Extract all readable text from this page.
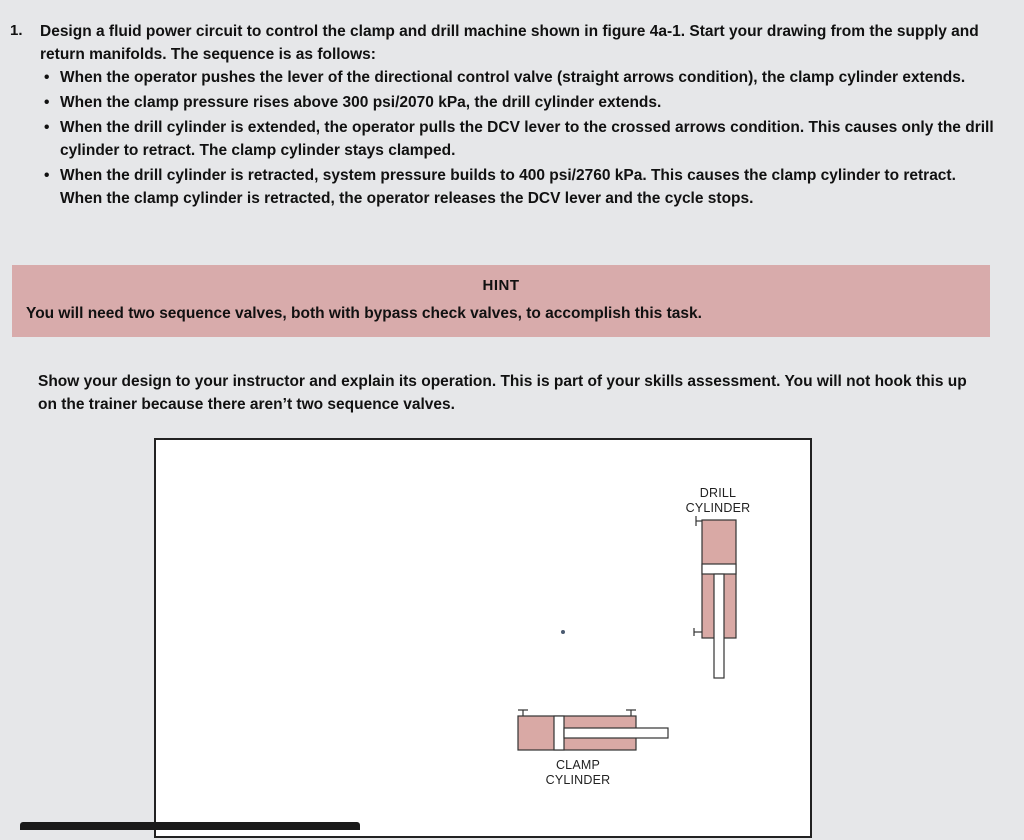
1. Design a fluid power circuit to control the clamp and drill machine shown in figure 4a-1. Start your drawing from the supply and return manifolds. The sequence is as follows:
• When the operator pushes the lever of the directional control valve (straight arrows condition), the clamp cylinder extends.
• When the clamp pressure rises above 300 psi/2070 kPa, the drill cylinder extends.
• When the drill cylinder is extended, the operator pulls the DCV lever to the crossed arrows condition. This causes only the drill cylinder to retract. The clamp cylinder stays clamped.
• When the drill cylinder is retracted, system pressure builds to 400 psi/2760 kPa. This causes the clamp cylinder to retract. When the clamp cylinder is retracted, the operator releases the DCV lever and the cycle stops.
HINT
You will need two sequence valves, both with bypass check valves, to accomplish this task.
Show your design to your instructor and explain its operation. This is part of your skills assessment. You will not hook this up on the trainer because there aren’t two sequence valves.
DRILL
CYLINDER
CLAMP
CYLINDER
